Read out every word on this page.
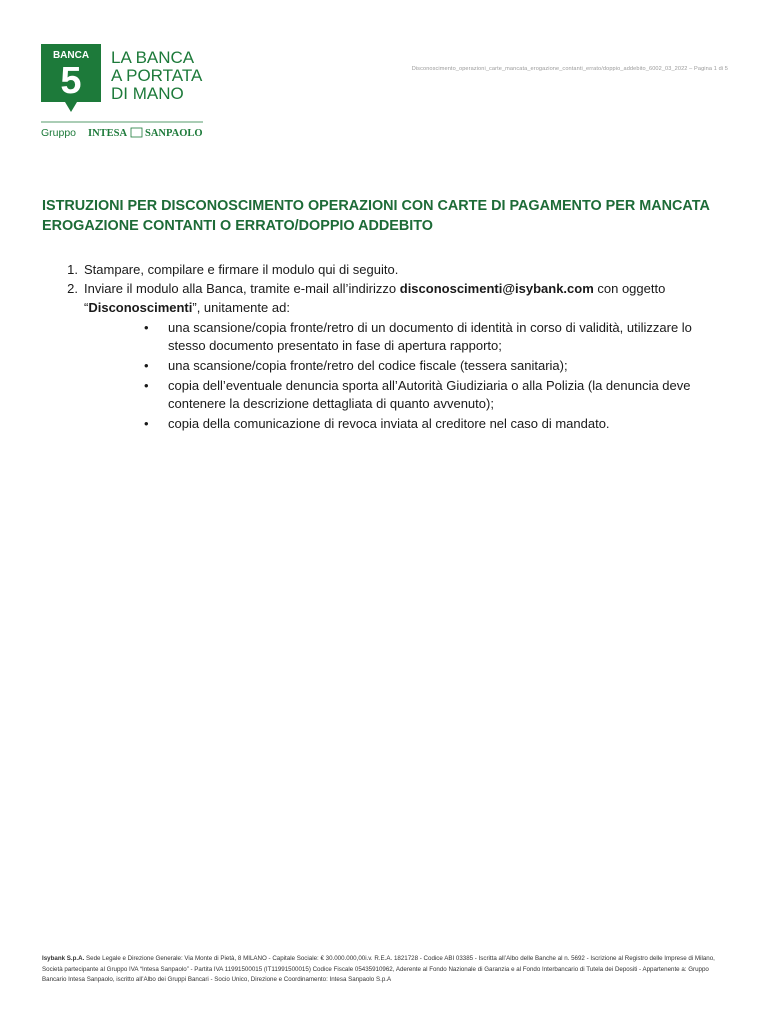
BANCA
5
LA BANCA
A PORTATA
DI MANO
Gruppo INTESA SANPAOLO
Disconoscimento_operazioni_carte_mancata_erogazione_contanti_errato/doppio_addebito_6002_03_2022 – Pagina 1 di 5
ISTRUZIONI PER DISCONOSCIMENTO OPERAZIONI CON CARTE DI PAGAMENTO PER MANCATA EROGAZIONE CONTANTI O ERRATO/DOPPIO ADDEBITO
1. Stampare, compilare e firmare il modulo qui di seguito.
2. Inviare il modulo alla Banca, tramite e-mail all’indirizzo disconoscimenti@isybank.com con oggetto “Disconoscimenti”, unitamente ad:
• una scansione/copia fronte/retro di un documento di identità in corso di validità, utilizzare lo stesso documento presentato in fase di apertura rapporto;
• una scansione/copia fronte/retro del codice fiscale (tessera sanitaria);
• copia dell’eventuale denuncia sporta all’Autorità Giudiziaria o alla Polizia (la denuncia deve contenere la descrizione dettagliata di quanto avvenuto);
• copia della comunicazione di revoca inviata al creditore nel caso di mandato.
Isybank S.p.A. Sede Legale e Direzione Generale: Via Monte di Pietà, 8 MILANO - Capitale Sociale: € 30.000.000,00i.v. R.E.A. 1821728 - Codice ABI 03385 - Iscritta all’Albo delle Banche al n. 5692 - Iscrizione al Registro delle Imprese di Milano, Società partecipante al Gruppo IVA “Intesa Sanpaolo” - Partita IVA 11991500015 (IT11991500015) Codice Fiscale 05435910962, Aderente al Fondo Nazionale di Garanzia e al Fondo Interbancario di Tutela dei Depositi - Appartenente a: Gruppo Bancario Intesa Sanpaolo, iscritto all’Albo dei Gruppi Bancari - Socio Unico, Direzione e Coordinamento: Intesa Sanpaolo S.p.A
